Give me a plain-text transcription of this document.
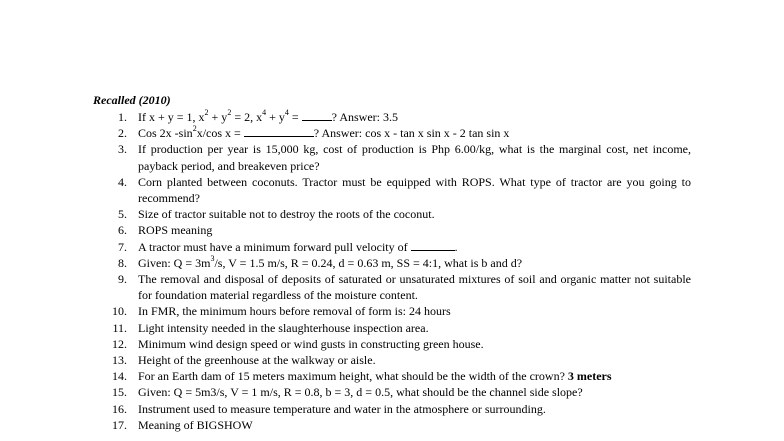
Recalled (2010)
1. If x + y = 1, $x^2 + y^2 = 2$, $x^4 + y^4$ =	? Answer: 3.5
2. Cos 2x $-\sin^2x/\cos$ x =	? Answer: cos x - tan x sin x - 2 tan sin x
3. If production per year is 15,000 kg, cost of production is Php 6.00/kg, what is the marginal cost, net income, payback period, and breakeven price?
4. Corn planted between coconuts. Tractor must be equipped with ROPS. What type of tractor are you going to recommend?
5. Size of tractor suitable not to destroy the roots of the coconut.
6. ROPS meaning
7. A tractor must have a minimum forward pull velocity of	.
8. Given: $Q = 3m^3/s$, V = 1.5 m/s, R = 0.24, d = 0.63 m, SS = 4:1, what is b and d?
9. The removal and disposal of deposits of saturated or unsaturated mixtures of soil and organic matter not suitable for foundation material regardless of the moisture content.
10. In FMR, the minimum hours before removal of form is: 24 hours
11. Light intensity needed in the slaughterhouse inspection area.
12. Minimum wind design speed or wind gusts in constructing green house.
13. Height of the greenhouse at the walkway or aisle.
14. For an Earth dam of 15 meters maximum height, what should be the width of the crown? 3 meters
15. Given: Q = 5m3/s, V = 1 m/s, R = 0.8, b = 3, d = 0.5, what should be the channel side slope?
16. Instrument used to measure temperature and water in the atmosphere or surrounding.
17. Meaning of BIGSHOW
